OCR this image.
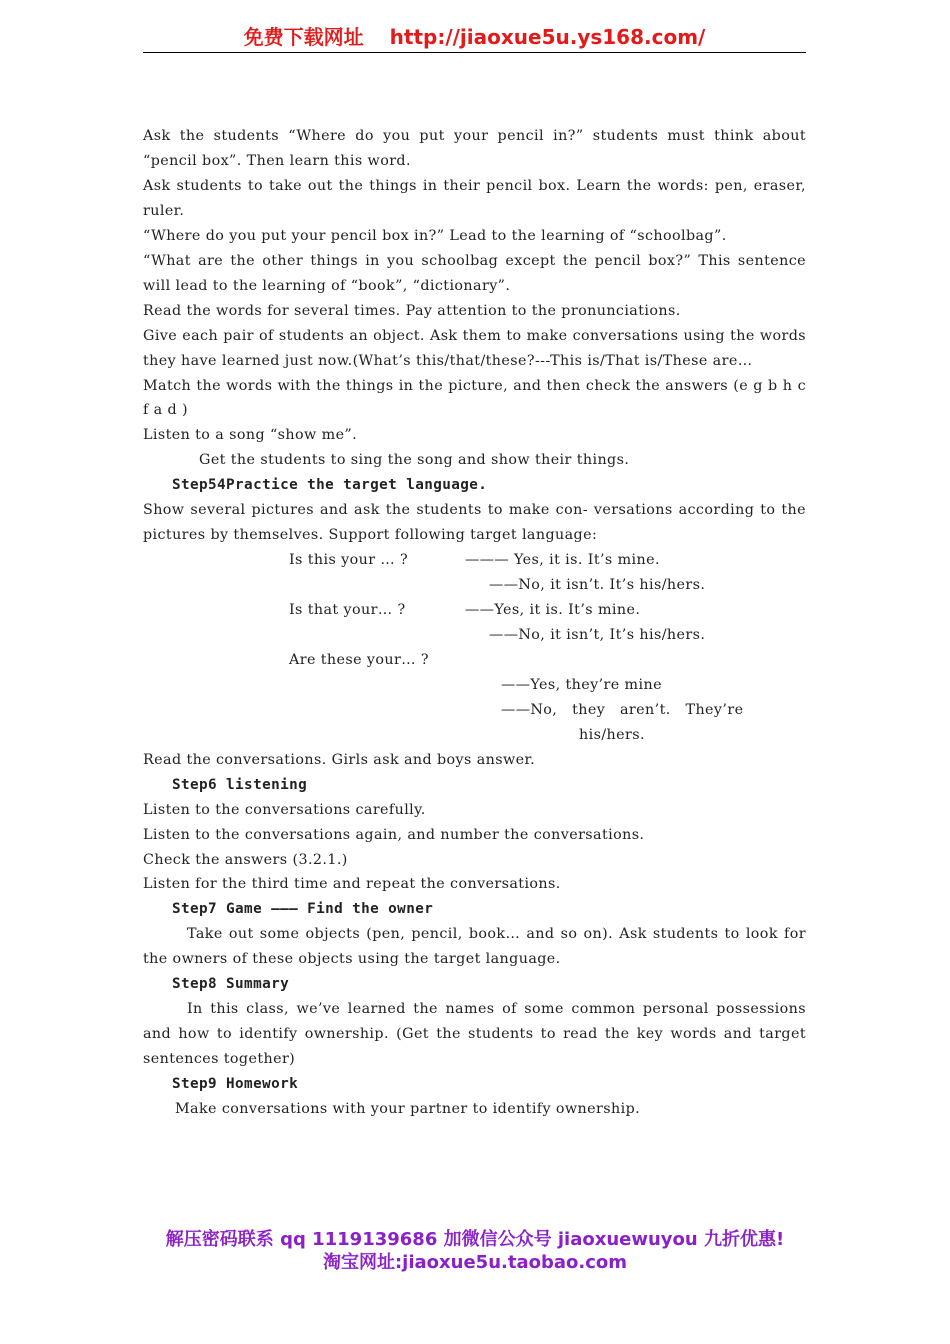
免费下载网址 http://jiaoxue5u.ys168.com/

Ask the students “Where do you put your pencil in?” students must think about “pencil box”. Then learn this word.

Ask students to take out the things in their pencil box. Learn the words: pen, eraser, ruler.

“Where do you put your pencil box in?” Lead to the learning of “schoolbag”.

“What are the other things in you schoolbag except the pencil box?” This sentence will lead to the learning of “book”, “dictionary”.

Read the words for several times. Pay attention to the pronunciations.

Give each pair of students an object. Ask them to make conversations using the words they have learned just now.(What’s this/that/these?---This is/That is/These are…

Match the words with the things in the picture, and then check the answers (e g b h c f a d )

Listen to a song “show me”.

Get the students to sing the song and show their things.

Step54Practice the target language.

Show several pictures and ask the students to make con- versations according to the pictures by themselves. Support following target language:

Is this your … ?	——— Yes, it is. It’s mine.
——No, it isn’t. It’s his/hers.
Is that your… ?	——Yes, it is. It’s mine.
——No, it isn’t, It’s his/hers.
Are these your… ?
——Yes, they’re mine
——No,   they   aren’t.   They’re
his/hers.

Read the conversations. Girls ask and boys answer.

Step6 listening

Listen to the conversations carefully.

Listen to the conversations again, and number the conversations.

Check the answers (3.2.1.)

Listen for the third time and repeat the conversations.

Step7 Game ——— Find the owner

Take out some objects (pen, pencil, book… and so on). Ask students to look for the owners of these objects using the target language.

Step8 Summary

In this class, we’ve learned the names of some common personal possessions and how to identify ownership. (Get the students to read the key words and target sentences together)

Step9 Homework

Make conversations with your partner to identify ownership.

解压密码联系 qq 1119139686 加微信公众号 jiaoxuewuyou 九折优惠!
淘宝网址:jiaoxue5u.taobao.com
